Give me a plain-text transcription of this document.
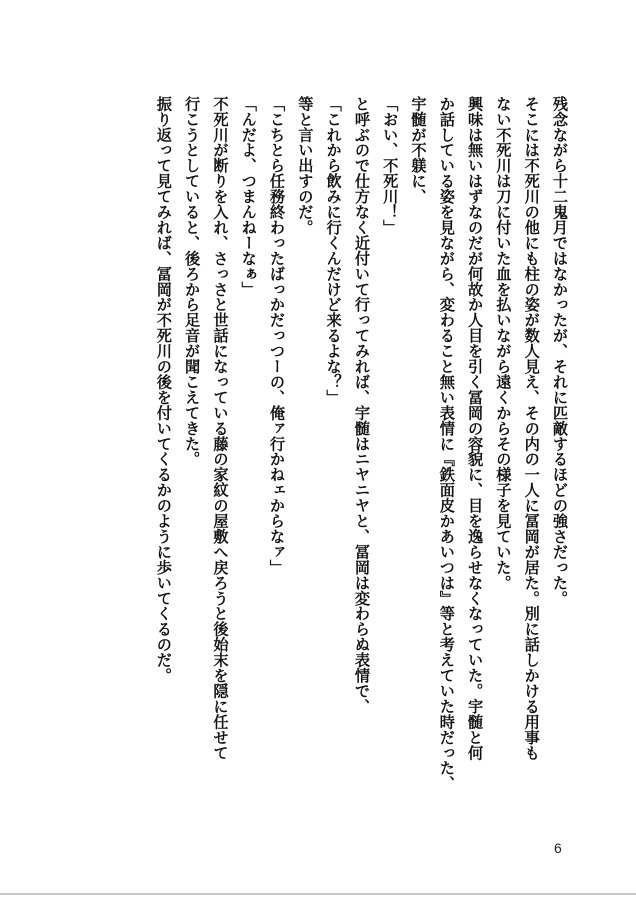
残念ながら十二鬼月ではなかったが、それに匹敵するほどの強さだった。

そこには不死川の他にも柱の姿が数人見え、その内の一人に冨岡が居た。別に話しかける用事も

ない不死川は刀に付いた血を払いながら遠くからその様子を見ていた。

興味は無いはずなのだが何故か人目を引く冨岡の容貌に、目を逸らせなくなっていた。宇髄と何

か話している姿を見ながら、変わること無い表情に『鉄面皮かあいつは』等と考えていた時だった、

宇髄が不躾に、

「おい、不死川！」

と呼ぶので仕方なく近付いて行ってみれば、宇髄はニヤニヤと、冨岡は変わらぬ表情で、

「これから飲みに行くんだけど来るよな？」

等と言い出すのだ。

「こちとら任務終わったばっかだっつーの、俺ァ行かねェからなァ」

「んだよ、つまんねーなぁ」

不死川が断りを入れ、さっさと世話になっている藤の家紋の屋敷へ戻ろうと後始末を隠に任せて

行こうとしていると、後ろから足音が聞こえてきた。

振り返って見てみれば、冨岡が不死川の後を付いてくるかのように歩いてくるのだ。

6
